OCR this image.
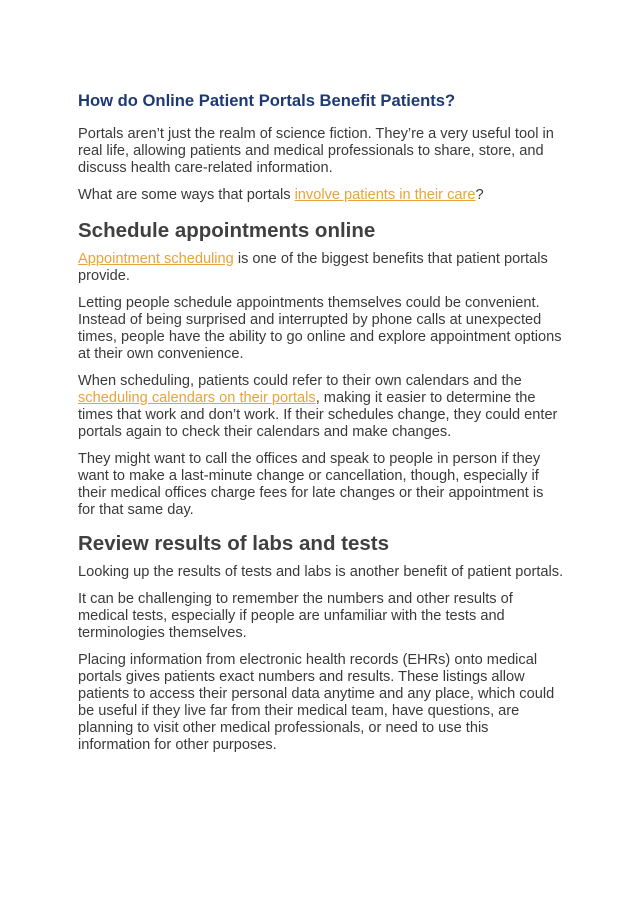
How do Online Patient Portals Benefit Patients?

Portals aren’t just the realm of science fiction. They’re a very useful tool in real life, allowing patients and medical professionals to share, store, and discuss health care-related information.

What are some ways that portals involve patients in their care?

Schedule appointments online

Appointment scheduling is one of the biggest benefits that patient portals provide.

Letting people schedule appointments themselves could be convenient. Instead of being surprised and interrupted by phone calls at unexpected times, people have the ability to go online and explore appointment options at their own convenience.

When scheduling, patients could refer to their own calendars and the scheduling calendars on their portals, making it easier to determine the times that work and don’t work. If their schedules change, they could enter portals again to check their calendars and make changes.

They might want to call the offices and speak to people in person if they want to make a last-minute change or cancellation, though, especially if their medical offices charge fees for late changes or their appointment is for that same day.

Review results of labs and tests

Looking up the results of tests and labs is another benefit of patient portals.

It can be challenging to remember the numbers and other results of medical tests, especially if people are unfamiliar with the tests and terminologies themselves.

Placing information from electronic health records (EHRs) onto medical portals gives patients exact numbers and results. These listings allow patients to access their personal data anytime and any place, which could be useful if they live far from their medical team, have questions, are planning to visit other medical professionals, or need to use this information for other purposes.
